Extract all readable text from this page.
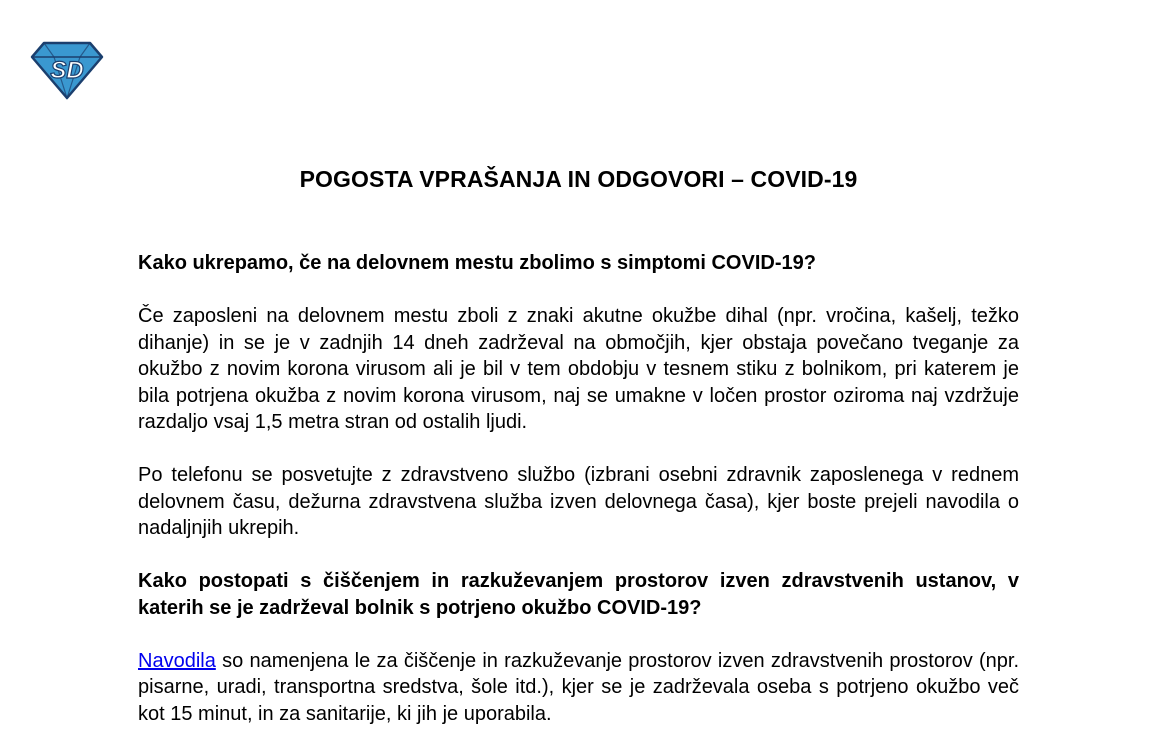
SD
POGOSTA VPRAŠANJA IN ODGOVORI – COVID-19

Kako ukrepamo, če na delovnem mestu zbolimo s simptomi COVID-19?

Če zaposleni na delovnem mestu zboli z znaki akutne okužbe dihal (npr. vročina, kašelj, težko dihanje) in se je v zadnjih 14 dneh zadrževal na območjih, kjer obstaja povečano tveganje za okužbo z novim korona virusom ali je bil v tem obdobju v tesnem stiku z bolnikom, pri katerem je bila potrjena okužba z novim korona virusom, naj se umakne v ločen prostor oziroma naj vzdržuje razdaljo vsaj 1,5 metra stran od ostalih ljudi.

Po telefonu se posvetujte z zdravstveno službo (izbrani osebni zdravnik zaposlenega v rednem delovnem času, dežurna zdravstvena služba izven delovnega časa), kjer boste prejeli navodila o nadaljnjih ukrepih.

Kako postopati s čiščenjem in razkuževanjem prostorov izven zdravstvenih ustanov, v katerih se je zadrževal bolnik s potrjeno okužbo COVID-19?

Navodila so namenjena le za čiščenje in razkuževanje prostorov izven zdravstvenih prostorov (npr. pisarne, uradi, transportna sredstva, šole itd.), kjer se je zadrževala oseba s potrjeno okužbo več kot 15 minut, in za sanitarije, ki jih je uporabila.
